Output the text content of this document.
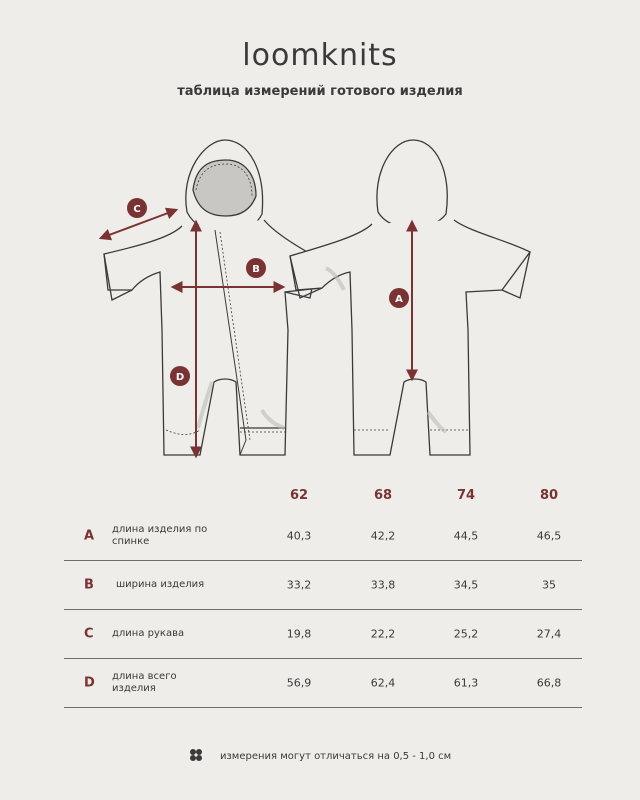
loomknits
таблица измерений готового изделия
C
B
D
A
62	68	74	80
A длина изделия по спинке	40,3	42,2	44,5	46,5
B ширина изделия	33,2	33,8	34,5	35
C длина рукава	19,8	22,2	25,2	27,4
D длина всего изделия	56,9	62,4	61,3	66,8
измерения могут отличаться на 0,5 - 1,0 см
